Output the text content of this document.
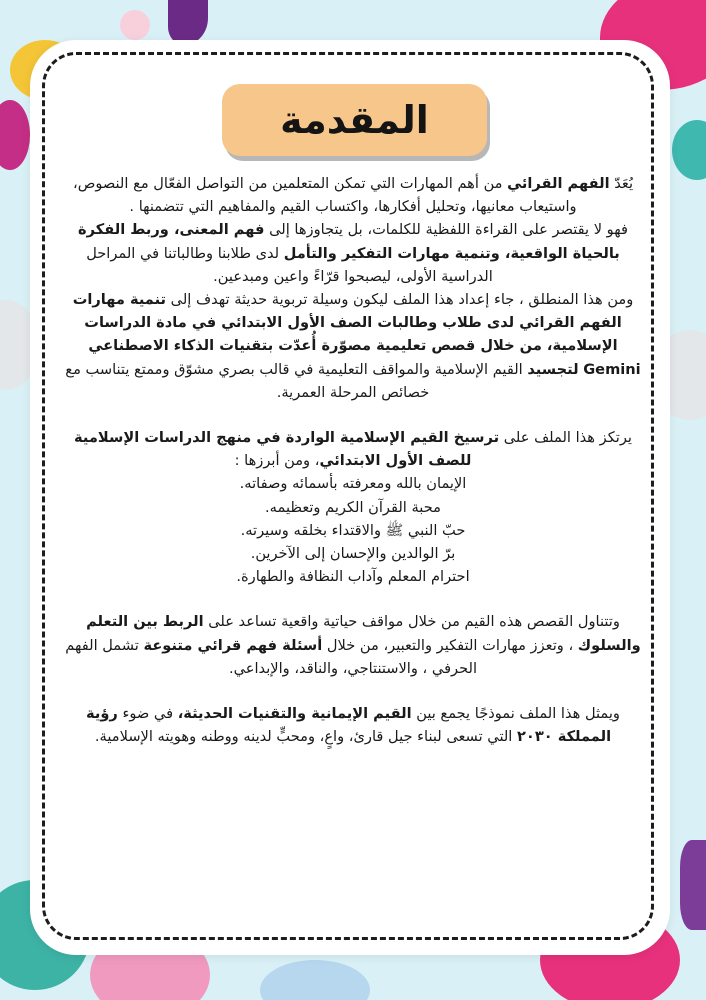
المقدمة

يُعَدّ الفهم القرائي من أهم المهارات التي تمكن المتعلمين من التواصل الفعّال مع النصوص، واستيعاب معانيها، وتحليل أفكارها، واكتساب القيم والمفاهيم التي تتضمنها .

فهو لا يقتصر على القراءة اللفظية للكلمات، بل يتجاوزها إلى فهم المعنى، وربط الفكرة بالحياة الواقعية، وتنمية مهارات التفكير والتأمل لدى طلابنا وطالباتنا في المراحل الدراسية الأولى، ليصبحوا قرّاءً واعين ومبدعين.

ومن هذا المنطلق ، جاء إعداد هذا الملف ليكون وسيلة تربوية حديثة تهدف إلى تنمية مهارات الفهم القرائي لدى طلاب وطالبات الصف الأول الابتدائي في مادة الدراسات الإسلامية، من خلال قصص تعليمية مصوّرة أُعدّت بتقنيات الذكاء الاصطناعي Gemini لتجسيد القيم الإسلامية والمواقف التعليمية في قالب بصري مشوّق وممتع يتناسب مع خصائص المرحلة العمرية.

يرتكز هذا الملف على ترسيخ القيم الإسلامية الواردة في منهج الدراسات الإسلامية للصف الأول الابتدائي، ومن أبرزها :

الإيمان بالله ومعرفته بأسمائه وصفاته.
محبة القرآن الكريم وتعظيمه.
حبّ النبي ﷺ والاقتداء بخلقه وسيرته.
برّ الوالدين والإحسان إلى الآخرين.
احترام المعلم وآداب النظافة والطهارة.

وتتناول القصص هذه القيم من خلال مواقف حياتية واقعية تساعد على الربط بين التعلم والسلوك ، وتعزز مهارات التفكير والتعبير، من خلال أسئلة فهم قرائي متنوعة تشمل الفهم الحرفي ، والاستنتاجي، والناقد، والإبداعي.

ويمثل هذا الملف نموذجًا يجمع بين القيم الإيمانية والتقنيات الحديثة، في ضوء رؤية المملكة ٢٠٣٠ التي تسعى لبناء جيل قارئ، واعٍ، ومحبٍّ لدينه ووطنه وهويته الإسلامية.
